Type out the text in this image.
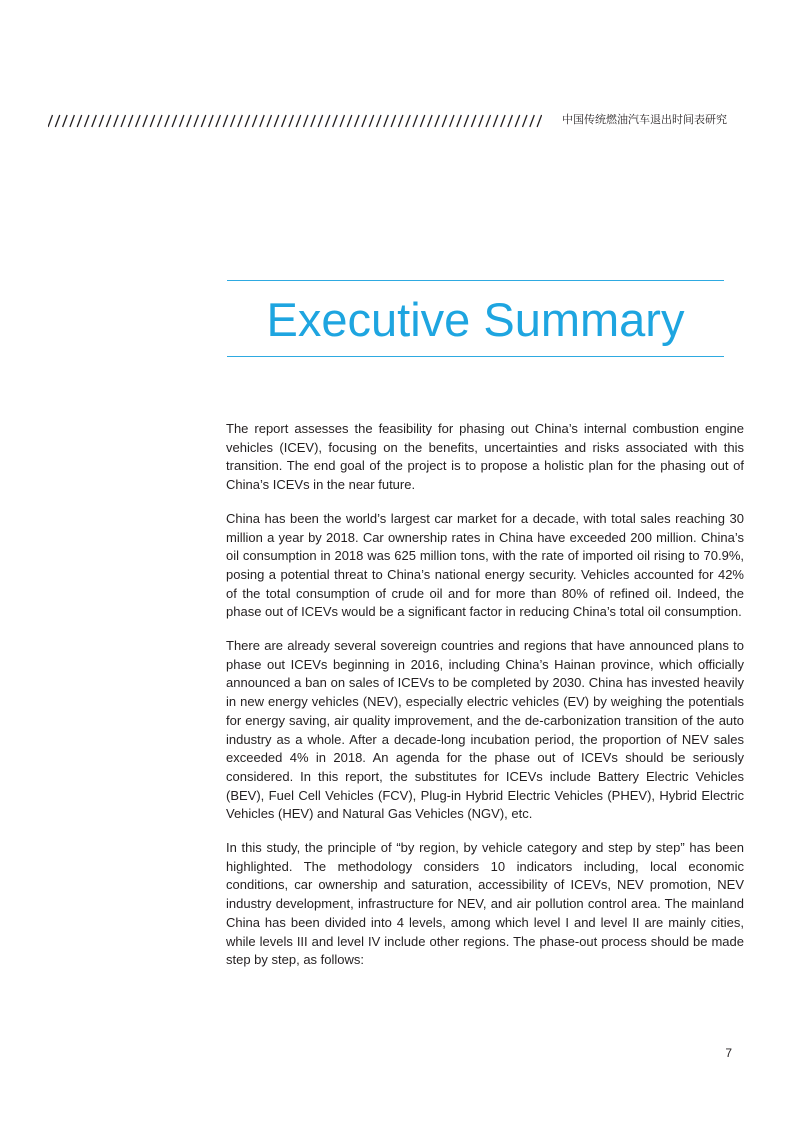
中国传统燃油汽车退出时间表研究
Executive Summary

The report assesses the feasibility for phasing out China’s internal combustion engine vehicles (ICEV), focusing on the benefits, uncertainties and risks associated with this transition. The end goal of the project is to propose a holistic plan for the phasing out of China’s ICEVs in the near future.

China has been the world’s largest car market for a decade, with total sales reaching 30 million a year by 2018. Car ownership rates in China have exceeded 200 million. China’s oil consumption in 2018 was 625 million tons, with the rate of imported oil rising to 70.9%, posing a potential threat to China’s national energy security. Vehicles accounted for 42% of the total consumption of crude oil and for more than 80% of refined oil. Indeed, the phase out of ICEVs would be a significant factor in reducing China’s total oil consumption.

There are already several sovereign countries and regions that have announced plans to phase out ICEVs beginning in 2016, including China’s Hainan province, which officially announced a ban on sales of ICEVs to be completed by 2030. China has invested heavily in new energy vehicles (NEV), especially electric vehicles (EV) by weighing the potentials for energy saving, air quality improvement, and the de-carbonization transition of the auto industry as a whole. After a decade-long incubation period, the proportion of NEV sales exceeded 4% in 2018. An agenda for the phase out of ICEVs should be seriously considered. In this report, the substitutes for ICEVs include Battery Electric Vehicles (BEV), Fuel Cell Vehicles (FCV), Plug-in Hybrid Electric Vehicles (PHEV), Hybrid Electric Vehicles (HEV) and Natural Gas Vehicles (NGV), etc.

In this study, the principle of “by region, by vehicle category and step by step” has been highlighted. The methodology considers 10 indicators including, local economic conditions, car ownership and saturation, accessibility of ICEVs, NEV promotion, NEV industry development, infrastructure for NEV, and air pollution control area. The mainland China has been divided into 4 levels, among which level I and level II are mainly cities, while levels III and level IV include other regions. The phase-out process should be made step by step, as follows:

7
